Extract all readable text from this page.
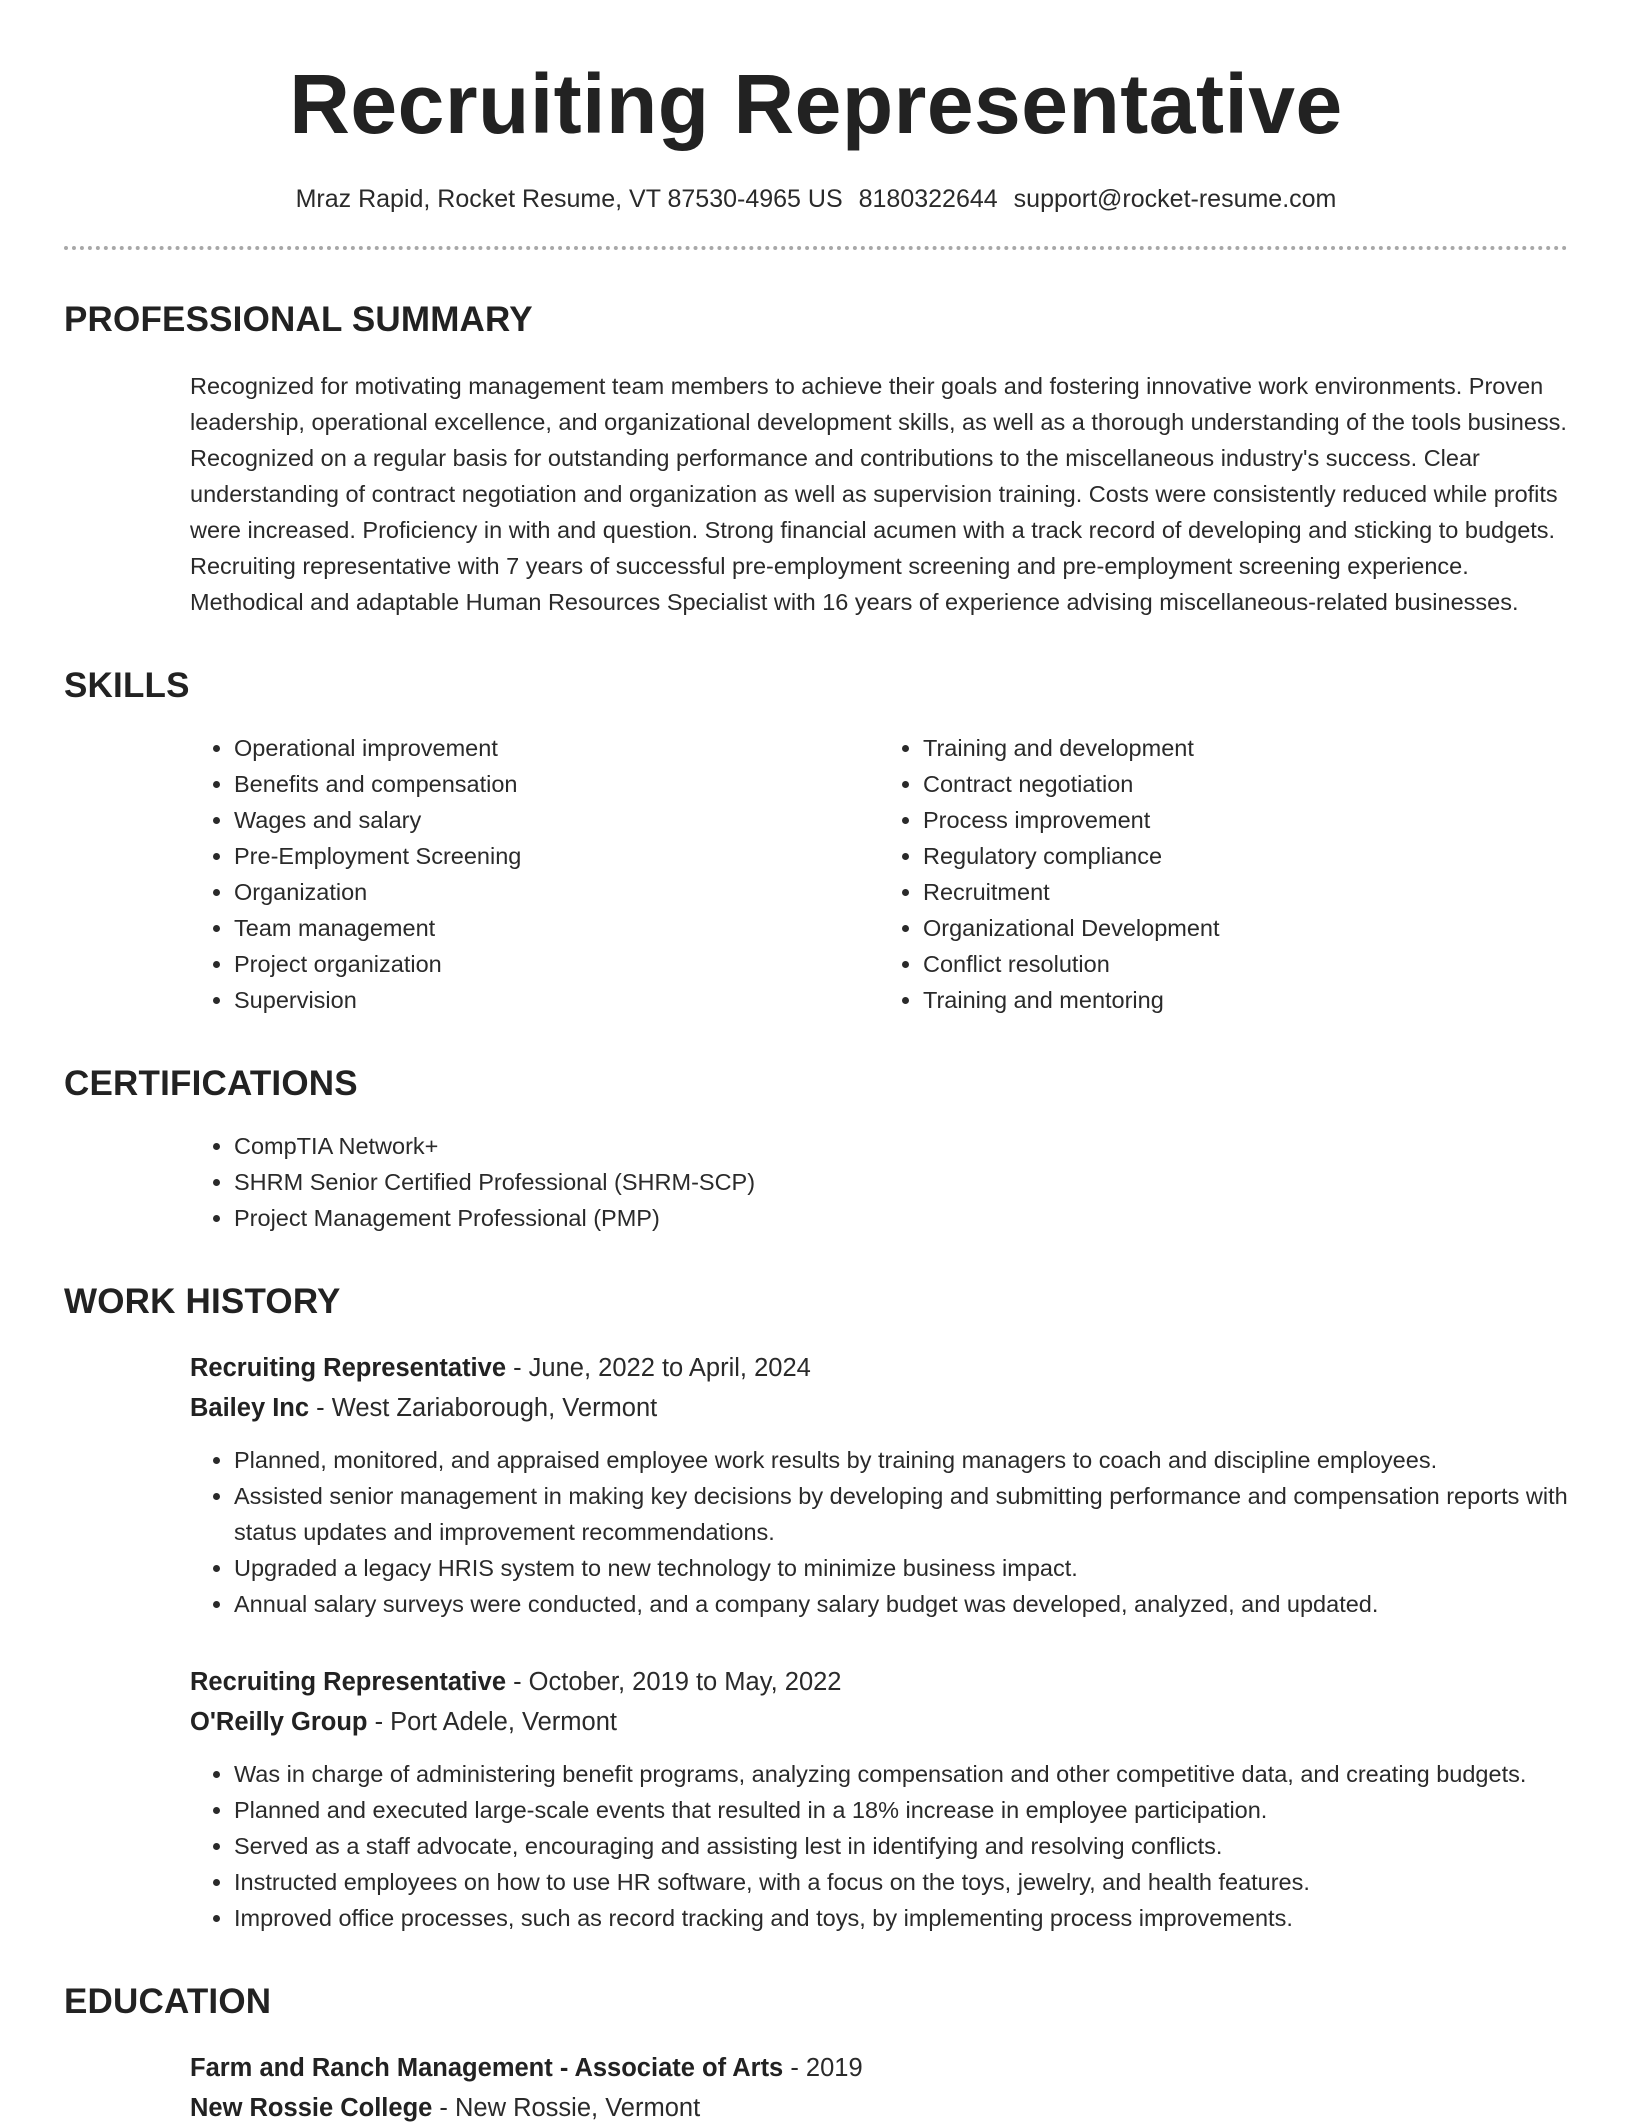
Recruiting Representative
Mraz Rapid, Rocket Resume, VT 87530-4965 US 8180322644 support@rocket-resume.com
PROFESSIONAL SUMMARY
Recognized for motivating management team members to achieve their goals and fostering innovative work environments. Proven leadership, operational excellence, and organizational development skills, as well as a thorough understanding of the tools business. Recognized on a regular basis for outstanding performance and contributions to the miscellaneous industry's success. Clear understanding of contract negotiation and organization as well as supervision training. Costs were consistently reduced while profits were increased. Proficiency in with and question. Strong financial acumen with a track record of developing and sticking to budgets. Recruiting representative with 7 years of successful pre-employment screening and pre-employment screening experience. Methodical and adaptable Human Resources Specialist with 16 years of experience advising miscellaneous-related businesses.
SKILLS
• Operational improvement
• Benefits and compensation
• Wages and salary
• Pre-Employment Screening
• Organization
• Team management
• Project organization
• Supervision
• Training and development
• Contract negotiation
• Process improvement
• Regulatory compliance
• Recruitment
• Organizational Development
• Conflict resolution
• Training and mentoring
CERTIFICATIONS
• CompTIA Network+
• SHRM Senior Certified Professional (SHRM-SCP)
• Project Management Professional (PMP)
WORK HISTORY
Recruiting Representative - June, 2022 to April, 2024
Bailey Inc - West Zariaborough, Vermont
• Planned, monitored, and appraised employee work results by training managers to coach and discipline employees.
• Assisted senior management in making key decisions by developing and submitting performance and compensation reports with status updates and improvement recommendations.
• Upgraded a legacy HRIS system to new technology to minimize business impact.
• Annual salary surveys were conducted, and a company salary budget was developed, analyzed, and updated.
Recruiting Representative - October, 2019 to May, 2022
O'Reilly Group - Port Adele, Vermont
• Was in charge of administering benefit programs, analyzing compensation and other competitive data, and creating budgets.
• Planned and executed large-scale events that resulted in a 18% increase in employee participation.
• Served as a staff advocate, encouraging and assisting lest in identifying and resolving conflicts.
• Instructed employees on how to use HR software, with a focus on the toys, jewelry, and health features.
• Improved office processes, such as record tracking and toys, by implementing process improvements.
EDUCATION
Farm and Ranch Management - Associate of Arts - 2019
New Rossie College - New Rossie, Vermont
